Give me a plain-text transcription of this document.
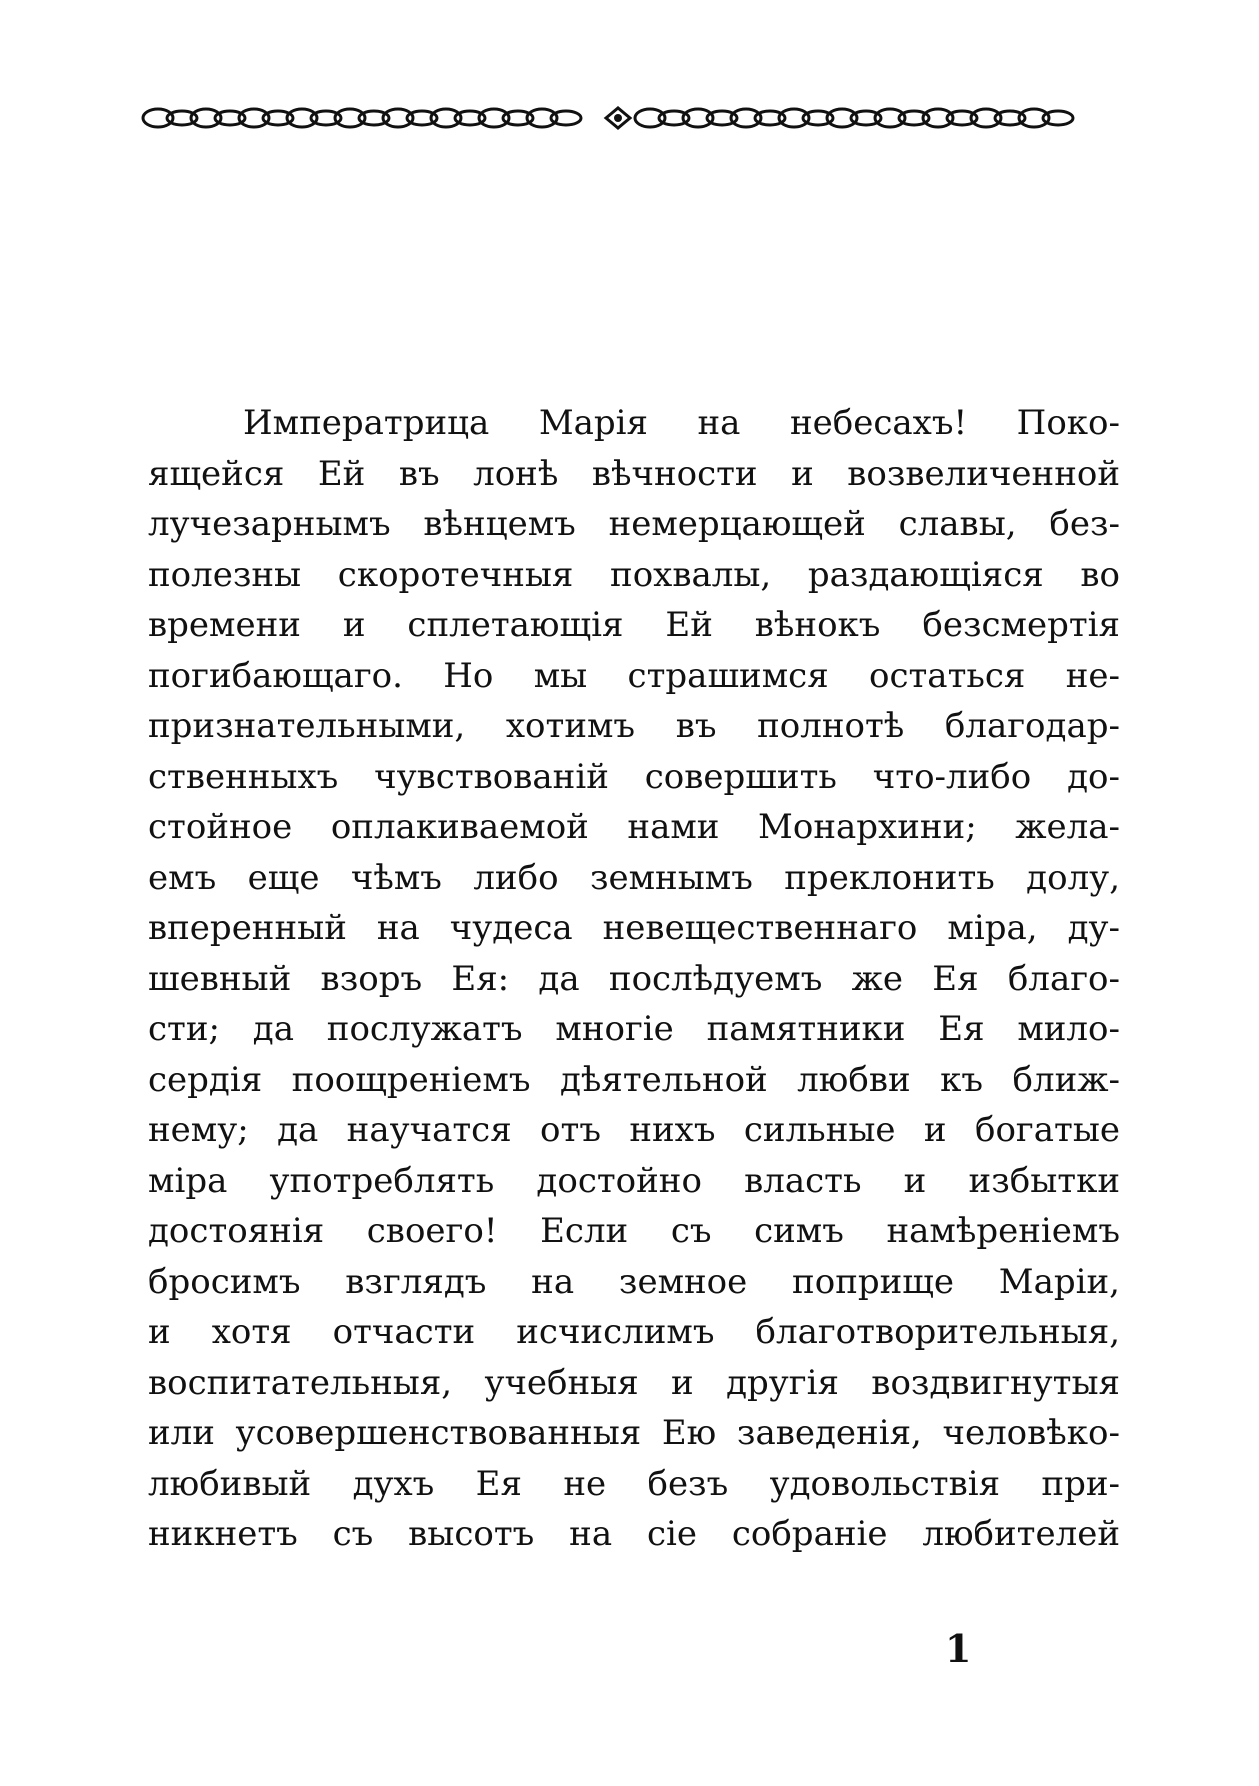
Императрица Марія на небесахъ! Поко-
ящейся Ей въ лонѣ вѣчности и возвеличенной
лучезарнымъ вѣнцемъ немерцающей славы, без-
полезны скоротечныя похвалы, раздающіяся во
времени и сплетающія Ей вѣнокъ безсмертія
погибающаго. Но мы страшимся остаться не-
признательными, хотимъ въ полнотѣ благодар-
ственныхъ чувствованій совершить что-либо до-
стойное оплакиваемой нами Монархини; жела-
емъ еще чѣмъ либо земнымъ преклонить долу,
вперенный на чудеса невещественнаго міра, ду-
шевный взоръ Ея: да послѣдуемъ же Ея благо-
сти; да послужатъ многіе памятники Ея мило-
сердія поощреніемъ дѣятельной любви къ ближ-
нему; да научатся отъ нихъ сильные и богатые
міра употреблять достойно власть и избытки
достоянія своего! Если съ симъ намѣреніемъ
бросимъ взглядъ на земное поприще Маріи,
и хотя отчасти исчислимъ благотворительныя,
воспитательныя, учебныя и другія воздвигнутыя
или усовершенствованныя Ею заведенія, человѣко-
любивый духъ Ея не безъ удовольствія при-
никнетъ съ высотъ на сіе собраніе любителей
1
